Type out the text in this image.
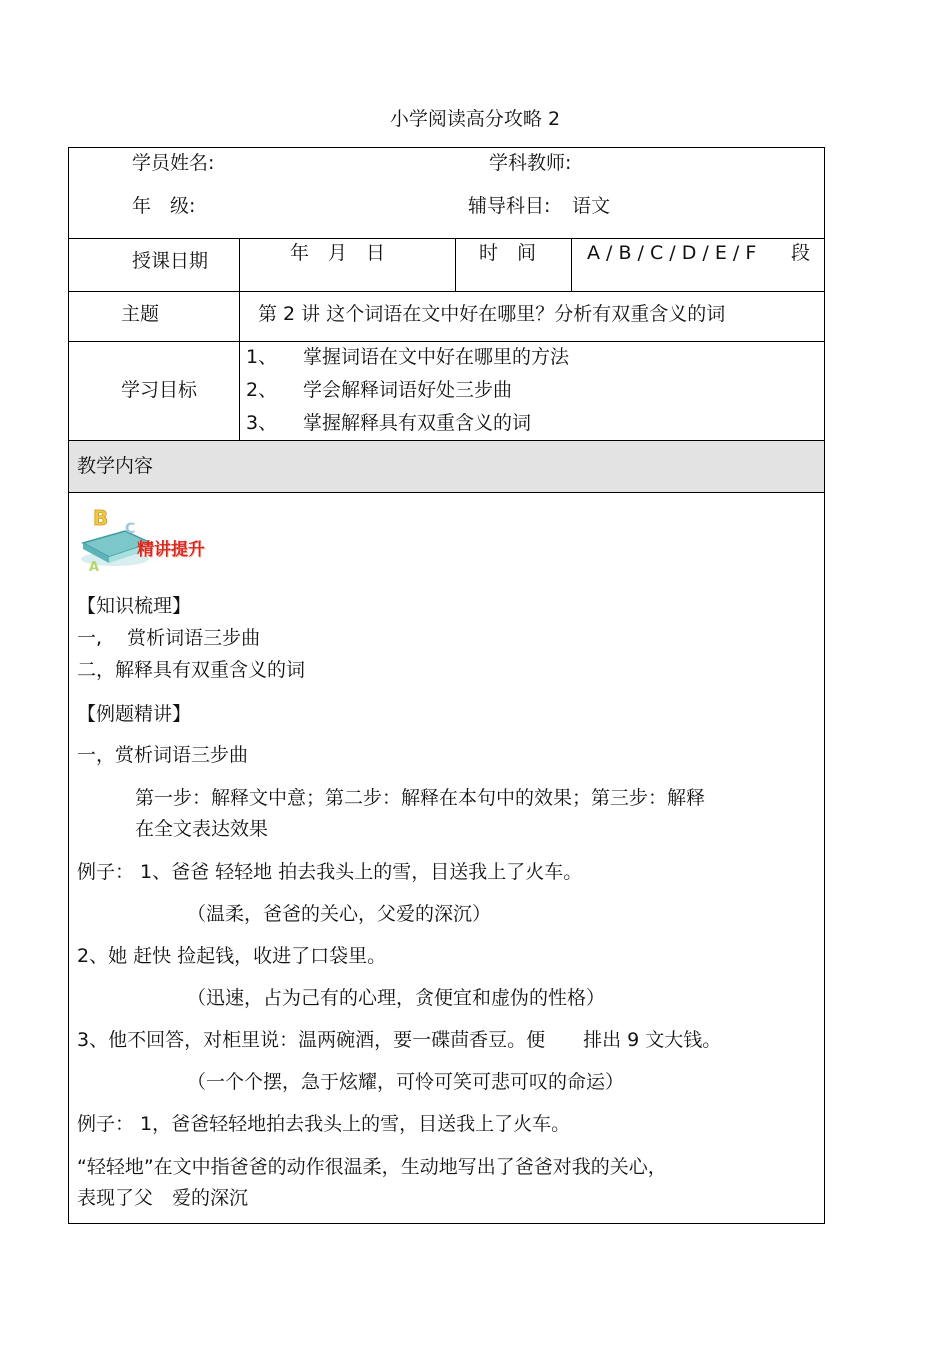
小学阅读高分攻略 2
学员姓名:	学科教师:
年　级:	辅导科目: 语文
授课日期	年　月　日	时　间	A / B / C / D / E / F 段
主题	第 2 讲 这个词语在文中好在哪里？分析有双重含义的词
学习目标
1、 掌握词语在文中好在哪里的方法
2、 学会解释词语好处三步曲
3、 掌握解释具有双重含义的词
教学内容
B C
A
精讲提升
【知识梳理】
一,　 赏析词语三步曲
二，解释具有双重含义的词
【例题精讲】
一，赏析词语三步曲
第一步：解释文中意；第二步：解释在本句中的效果；第三步：解释
在全文表达效果
例子： 1、爸爸 轻轻地 拍去我头上的雪，目送我上了火车。
（温柔，爸爸的关心，父爱的深沉）
2、她 赶快 捡起钱，收进了口袋里。
（迅速，占为己有的心理，贪便宜和虚伪的性格）
3、他不回答，对柜里说：温两碗酒，要一碟茴香豆。便　　排出 9 文大钱。
（一个个摆，急于炫耀，可怜可笑可悲可叹的命运）
例子： 1，爸爸轻轻地拍去我头上的雪，目送我上了火车。
“轻轻地”在文中指爸爸的动作很温柔，生动地写出了爸爸对我的关心，
表现了父　爱的深沉
